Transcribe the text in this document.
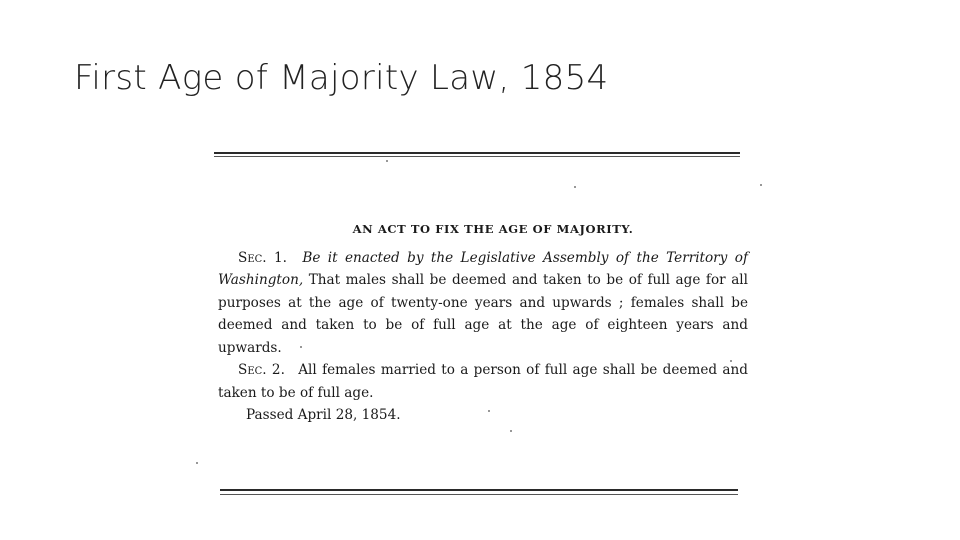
First Age of Majority Law, 1854
AN ACT TO FIX THE AGE OF MAJORITY.

Sec. 1. Be it enacted by the Legislative Assembly of the Territory of Washington, That males shall be deemed and taken to be of full age for all purposes at the age of twenty-one years and upwards ; females shall be deemed and taken to be of full age at the age of eighteen years and upwards.

Sec. 2. All females married to a person of full age shall be deemed and taken to be of full age.

Passed April 28, 1854.
